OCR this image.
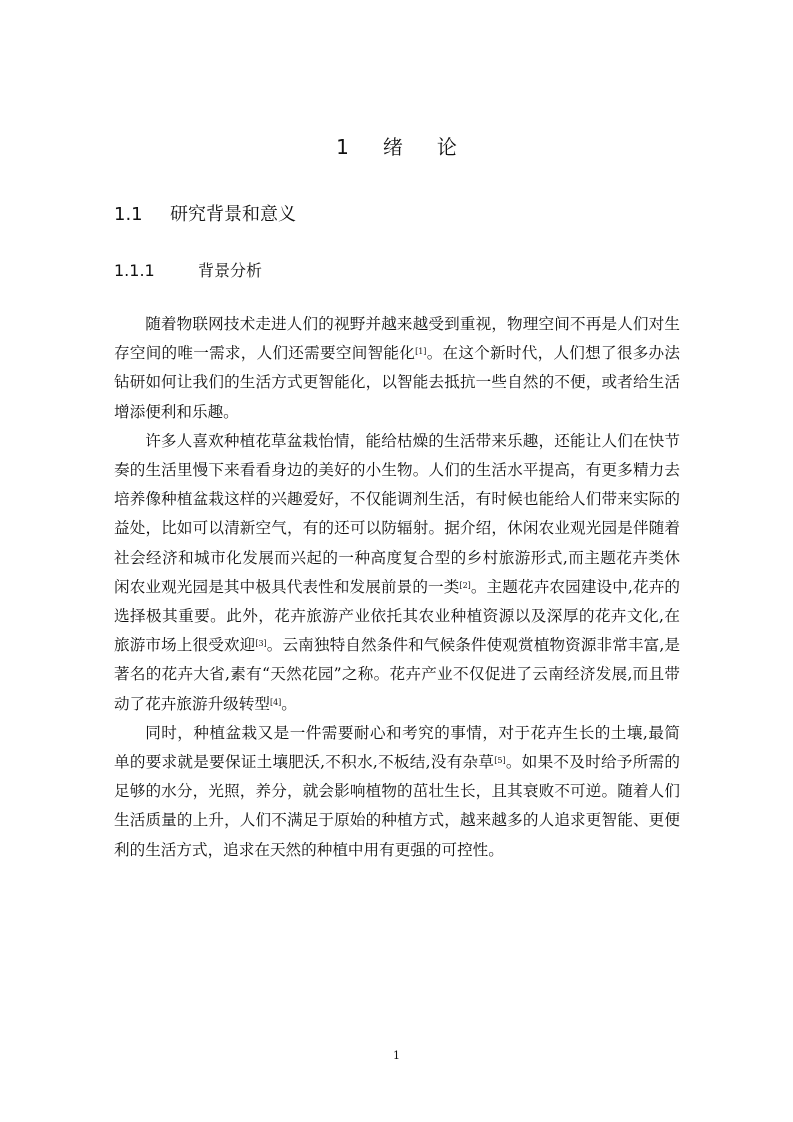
1 绪 论
1.1 研究背景和意义
1.1.1	背景分析

随着物联网技术走进人们的视野并越来越受到重视，物理空间不再是人们对生存空间的唯一需求，人们还需要空间智能化[1]。在这个新时代，人们想了很多办法钻研如何让我们的生活方式更智能化，以智能去抵抗一些自然的不便，或者给生活增添便利和乐趣。

许多人喜欢种植花草盆栽怡情，能给枯燥的生活带来乐趣，还能让人们在快节奏的生活里慢下来看看身边的美好的小生物。人们的生活水平提高，有更多精力去培养像种植盆栽这样的兴趣爱好，不仅能调剂生活，有时候也能给人们带来实际的益处，比如可以清新空气，有的还可以防辐射。据介绍，休闲农业观光园是伴随着社会经济和城市化发展而兴起的一种高度复合型的乡村旅游形式,而主题花卉类休闲农业观光园是其中极具代表性和发展前景的一类[2]。主题花卉农园建设中,花卉的选择极其重要。此外，花卉旅游产业依托其农业种植资源以及深厚的花卉文化,在旅游市场上很受欢迎[3]。云南独特自然条件和气候条件使观赏植物资源非常丰富,是著名的花卉大省,素有“天然花园”之称。花卉产业不仅促进了云南经济发展,而且带动了花卉旅游升级转型[4]。

同时，种植盆栽又是一件需要耐心和考究的事情，对于花卉生长的土壤,最简单的要求就是要保证土壤肥沃,不积水,不板结,没有杂草[5]。如果不及时给予所需的足够的水分，光照，养分，就会影响植物的茁壮生长，且其衰败不可逆。随着人们生活质量的上升，人们不满足于原始的种植方式，越来越多的人追求更智能、更便利的生活方式，追求在天然的种植中用有更强的可控性。

1
